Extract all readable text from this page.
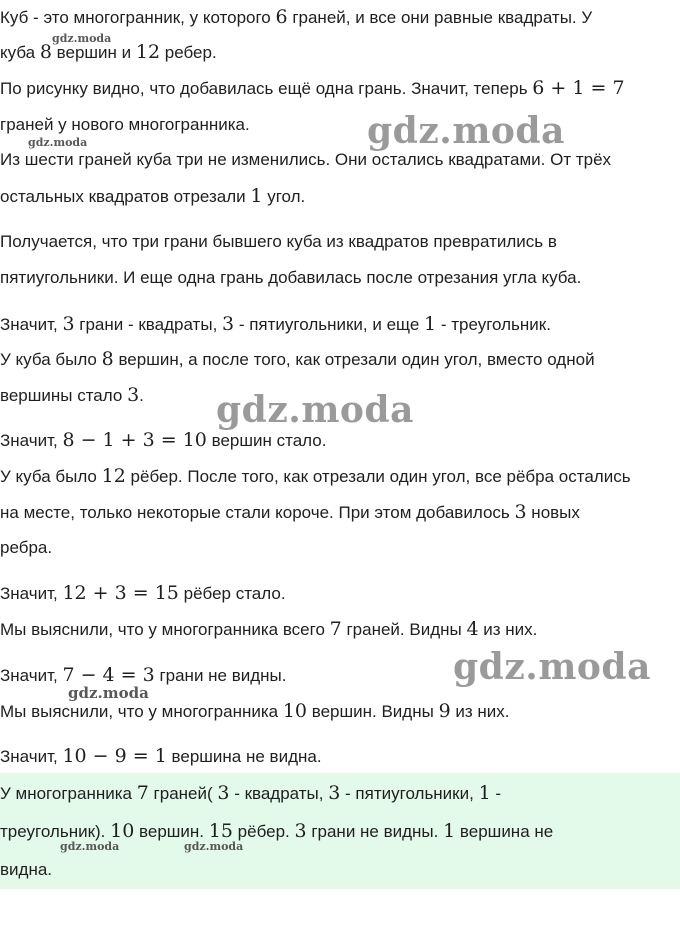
Куб - это многогранник, у которого 6 граней, и все они равные квадраты. У

куба 8 вершин и 12 ребер.

По рисунку видно, что добавилась ещё одна грань. Значит, теперь 6 + 1 = 7

граней у нового многогранника.

Из шести граней куба три не изменились. Они остались квадратами. От трёх

остальных квадратов отрезали 1 угол.

Получается, что три грани бывшего куба из квадратов превратились в

пятиугольники. И еще одна грань добавилась после отрезания угла куба.

Значит, 3 грани - квадраты, 3 - пятиугольники, и еще 1 - треугольник.

У куба было 8 вершин, а после того, как отрезали один угол, вместо одной

вершины стало 3.

Значит, 8 − 1 + 3 = 10 вершин стало.

У куба было 12 рёбер. После того, как отрезали один угол, все рёбра остались

на месте, только некоторые стали короче. При этом добавилось 3 новых

ребра.

Значит, 12 + 3 = 15 рёбер стало.

Мы выяснили, что у многогранника всего 7 граней. Видны 4 из них.

Значит, 7 − 4 = 3 грани не видны.

Мы выяснили, что у многогранника 10 вершин. Видны 9 из них.

Значит, 10 − 9 = 1 вершина не видна.

У многогранника 7 граней( 3 - квадраты, 3 - пятиугольники, 1 -

треугольник). 10 вершин. 15 рёбер. 3 грани не видны. 1 вершина не

видна.

gdz.moda
gdz.moda
gdz.moda
gdz.moda
gdz.moda
gdz.moda
gdz.moda	gdz.moda
